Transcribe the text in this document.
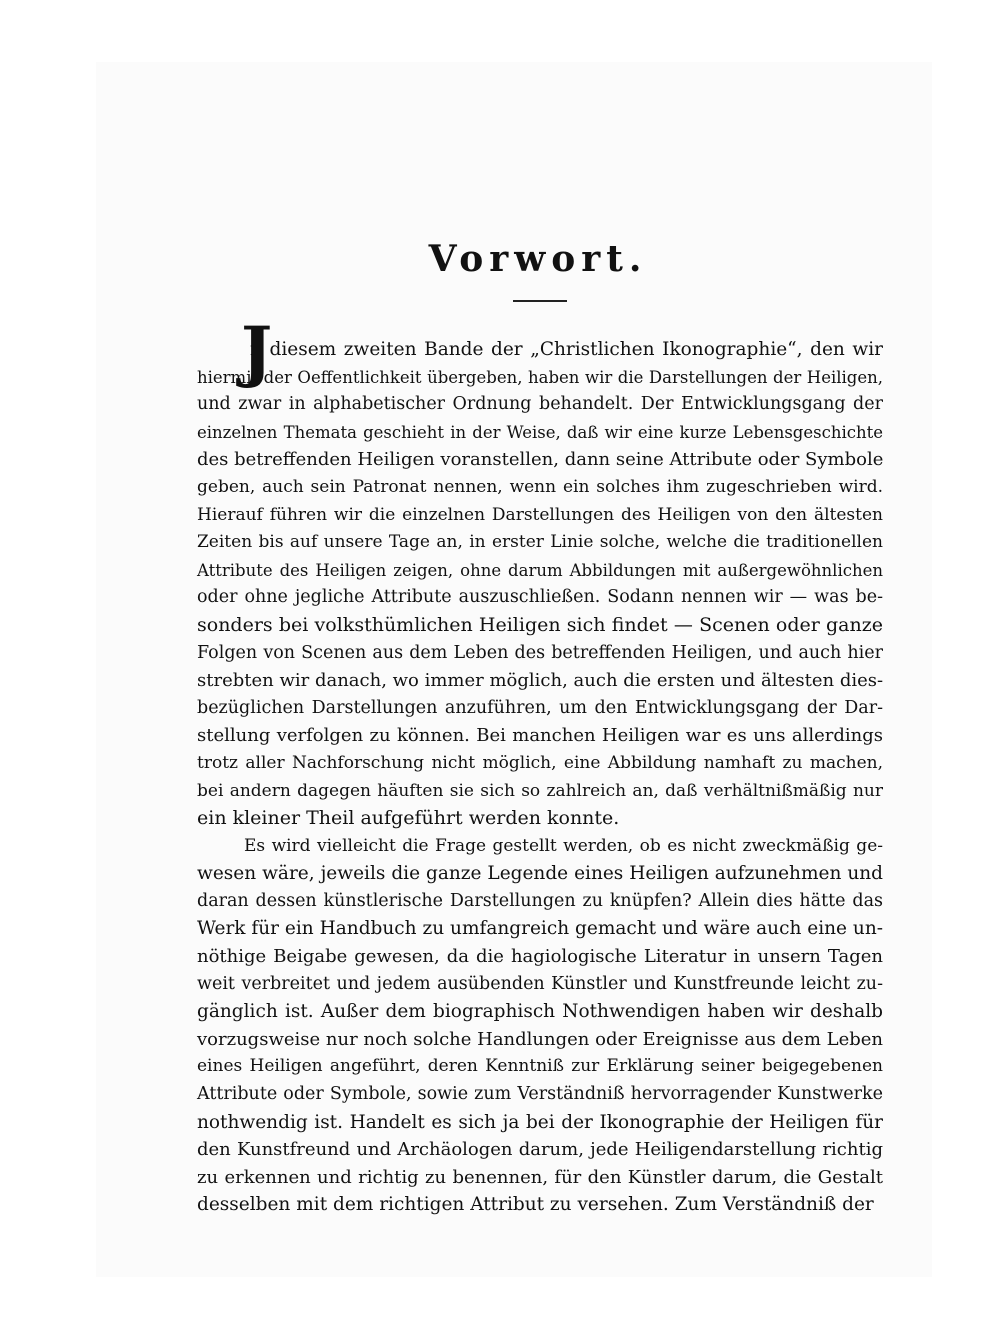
Vorwort.
J
n diesem zweiten Bande der „Christlichen Ikonographie“, den wir
hiermit der Oeffentlichkeit übergeben, haben wir die Darstellungen der Heiligen,
und zwar in alphabetischer Ordnung behandelt. Der Entwicklungsgang der
einzelnen Themata geschieht in der Weise, daß wir eine kurze Lebensgeschichte
des betreffenden Heiligen voranstellen, dann seine Attribute oder Symbole
geben, auch sein Patronat nennen, wenn ein solches ihm zugeschrieben wird.
Hierauf führen wir die einzelnen Darstellungen des Heiligen von den ältesten
Zeiten bis auf unsere Tage an, in erster Linie solche, welche die traditionellen
Attribute des Heiligen zeigen, ohne darum Abbildungen mit außergewöhnlichen
oder ohne jegliche Attribute auszuschließen. Sodann nennen wir — was be-
sonders bei volksthümlichen Heiligen sich findet — Scenen oder ganze
Folgen von Scenen aus dem Leben des betreffenden Heiligen, und auch hier
strebten wir danach, wo immer möglich, auch die ersten und ältesten dies-
bezüglichen Darstellungen anzuführen, um den Entwicklungsgang der Dar-
stellung verfolgen zu können. Bei manchen Heiligen war es uns allerdings
trotz aller Nachforschung nicht möglich, eine Abbildung namhaft zu machen,
bei andern dagegen häuften sie sich so zahlreich an, daß verhältnißmäßig nur
ein kleiner Theil aufgeführt werden konnte.
Es wird vielleicht die Frage gestellt werden, ob es nicht zweckmäßig ge-
wesen wäre, jeweils die ganze Legende eines Heiligen aufzunehmen und
daran dessen künstlerische Darstellungen zu knüpfen? Allein dies hätte das
Werk für ein Handbuch zu umfangreich gemacht und wäre auch eine un-
nöthige Beigabe gewesen, da die hagiologische Literatur in unsern Tagen
weit verbreitet und jedem ausübenden Künstler und Kunstfreunde leicht zu-
gänglich ist. Außer dem biographisch Nothwendigen haben wir deshalb
vorzugsweise nur noch solche Handlungen oder Ereignisse aus dem Leben
eines Heiligen angeführt, deren Kenntniß zur Erklärung seiner beigegebenen
Attribute oder Symbole, sowie zum Verständniß hervorragender Kunstwerke
nothwendig ist. Handelt es sich ja bei der Ikonographie der Heiligen für
den Kunstfreund und Archäologen darum, jede Heiligendarstellung richtig
zu erkennen und richtig zu benennen, für den Künstler darum, die Gestalt
desselben mit dem richtigen Attribut zu versehen. Zum Verständniß der
